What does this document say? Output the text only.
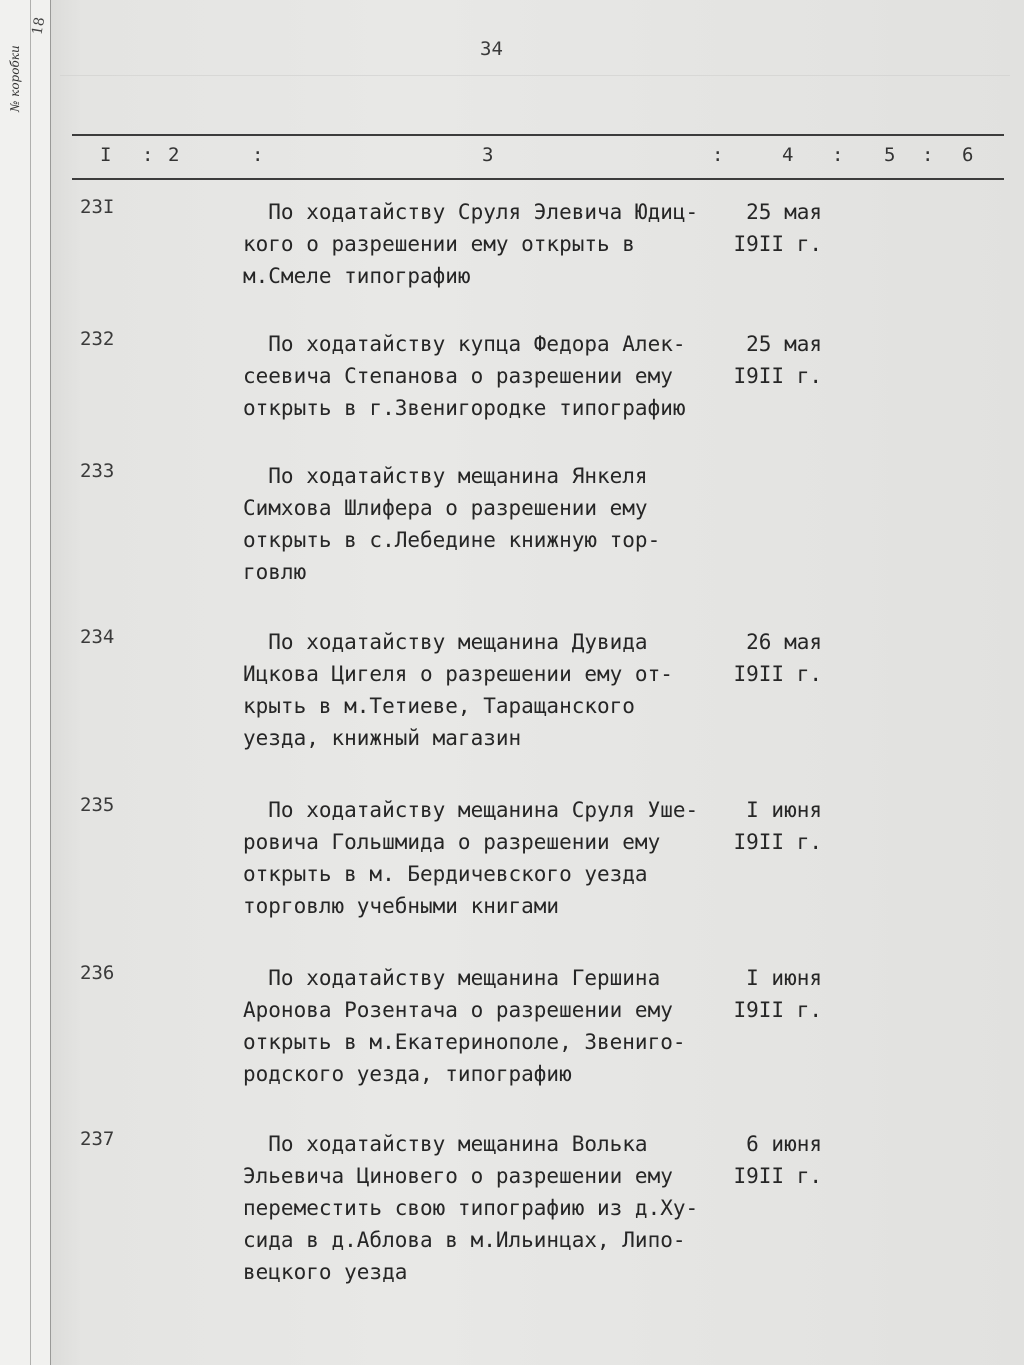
№ коробки
18
34
I : 2	:	3	:	4 : 5 : 6
23I	По ходатайству Сруля Элевича Юдиц-
кого о разрешении ему открыть в
м.Смеле типографию
25 мая
I9II г.
232	По ходатайству купца Федора Алек-
сеевича Степанова о разрешении ему
открыть в г.Звенигородке типографию
25 мая
I9II г.
233	По ходатайству мещанина Янкеля
Симхова Шлифера о разрешении ему
открыть в с.Лебедине книжную тор-
говлю
234	По ходатайству мещанина Дувида
Ицкова Цигеля о разрешении ему от-
крыть в м.Тетиеве, Таращанского
уезда, книжный магазин
26 мая
I9II г.
235	По ходатайству мещанина Сруля Уше-
ровича Гольшмида о разрешении ему
открыть в м. Бердичевского уезда
торговлю учебными книгами
I июня
I9II г.
236	По ходатайству мещанина Гершина
Аронова Розентача о разрешении ему
открыть в м.Екатеринополе, Звениго-
родского уезда, типографию
I июня
I9II г.
237	По ходатайству мещанина Волька
Эльевича Циновего о разрешении ему
переместить свою типографию из д.Ху-
сида в д.Аблова в м.Ильинцах, Липо-
вецкого уезда
6 июня
I9II г.
